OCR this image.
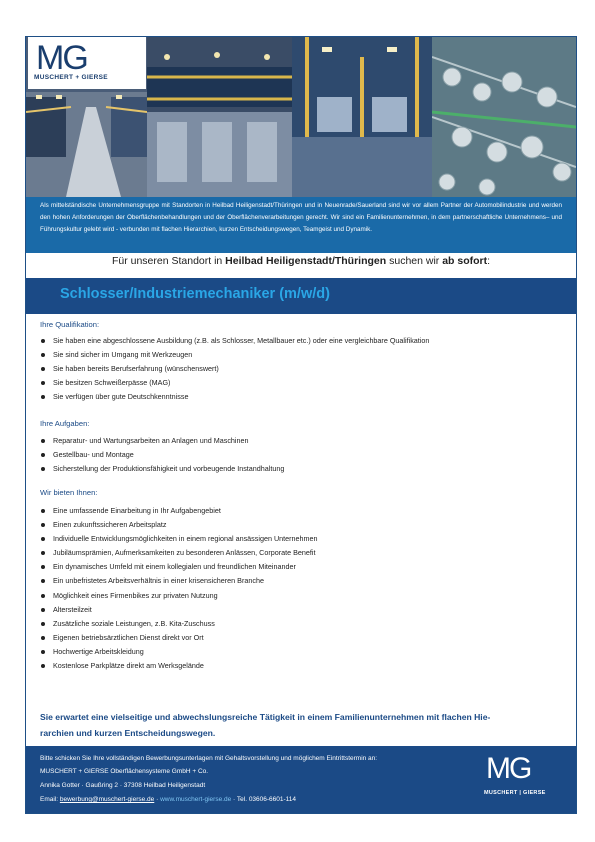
MG
MUSCHERT + GIERSE
Als mittelständische Unternehmensgruppe mit Standorten in Heilbad Heiligenstadt/Thüringen und in Neuenrade/Sauerland sind wir vor allem Partner der Automobilindustrie und werden den hohen Anforderungen der Oberflächenbehandlungen und der Oberflächenverarbeitungen gerecht. Wir sind ein Familienunternehmen, in dem partnerschaftliche Unternehmens– und Führungskultur gelebt wird - verbunden mit flachen Hierarchien, kurzen Entscheidungswegen, Teamgeist und Dynamik.
Für unseren Standort in Heilbad Heiligenstadt/Thüringen suchen wir ab sofort:
Schlosser/Industriemechaniker (m/w/d)
Ihre Qualifikation:
Sie haben eine abgeschlossene Ausbildung (z.B. als Schlosser, Metallbauer etc.) oder eine vergleichbare Qualifikation
Sie sind sicher im Umgang mit Werkzeugen
Sie haben bereits Berufserfahrung (wünschenswert)
Sie besitzen Schweißerpässe (MAG)
Sie verfügen über gute Deutschkenntnisse
Ihre Aufgaben:
Reparatur- und Wartungsarbeiten an Anlagen und Maschinen
Gestellbau- und Montage
Sicherstellung der Produktionsfähigkeit und vorbeugende Instandhaltung
Wir bieten Ihnen:
Eine umfassende Einarbeitung in Ihr Aufgabengebiet
Einen zukunftssicheren Arbeitsplatz
Individuelle Entwicklungsmöglichkeiten in einem regional ansässigen Unternehmen
Jubiläumsprämien, Aufmerksamkeiten zu besonderen Anlässen, Corporate Benefit
Ein dynamisches Umfeld mit einem kollegialen und freundlichen Miteinander
Ein unbefristetes Arbeitsverhältnis in einer krisensicheren Branche
Möglichkeit eines Firmenbikes zur privaten Nutzung
Altersteilzeit
Zusätzliche soziale Leistungen, z.B. Kita-Zuschuss
Eigenen betriebsärztlichen Dienst direkt vor Ort
Hochwertige Arbeitskleidung
Kostenlose Parkplätze direkt am Werksgelände
Sie erwartet eine vielseitige und abwechslungsreiche Tätigkeit in einem Familienunternehmen mit flachen Hie-
rarchien und kurzen Entscheidungswegen.
Bitte schicken Sie Ihre vollständigen Bewerbungsunterlagen mit Gehaltsvorstellung und möglichem Eintrittstermin an:
MUSCHERT + GIERSE Oberflächensysteme GmbH + Co.
Annika Gotter · Gaußring 2 · 37308 Heilbad Heiligenstadt
Email: bewerbung@muschert-gierse.de · www.muschert-gierse.de · Tel. 03606-6601-114
MG
MUSCHERT | GIERSE
